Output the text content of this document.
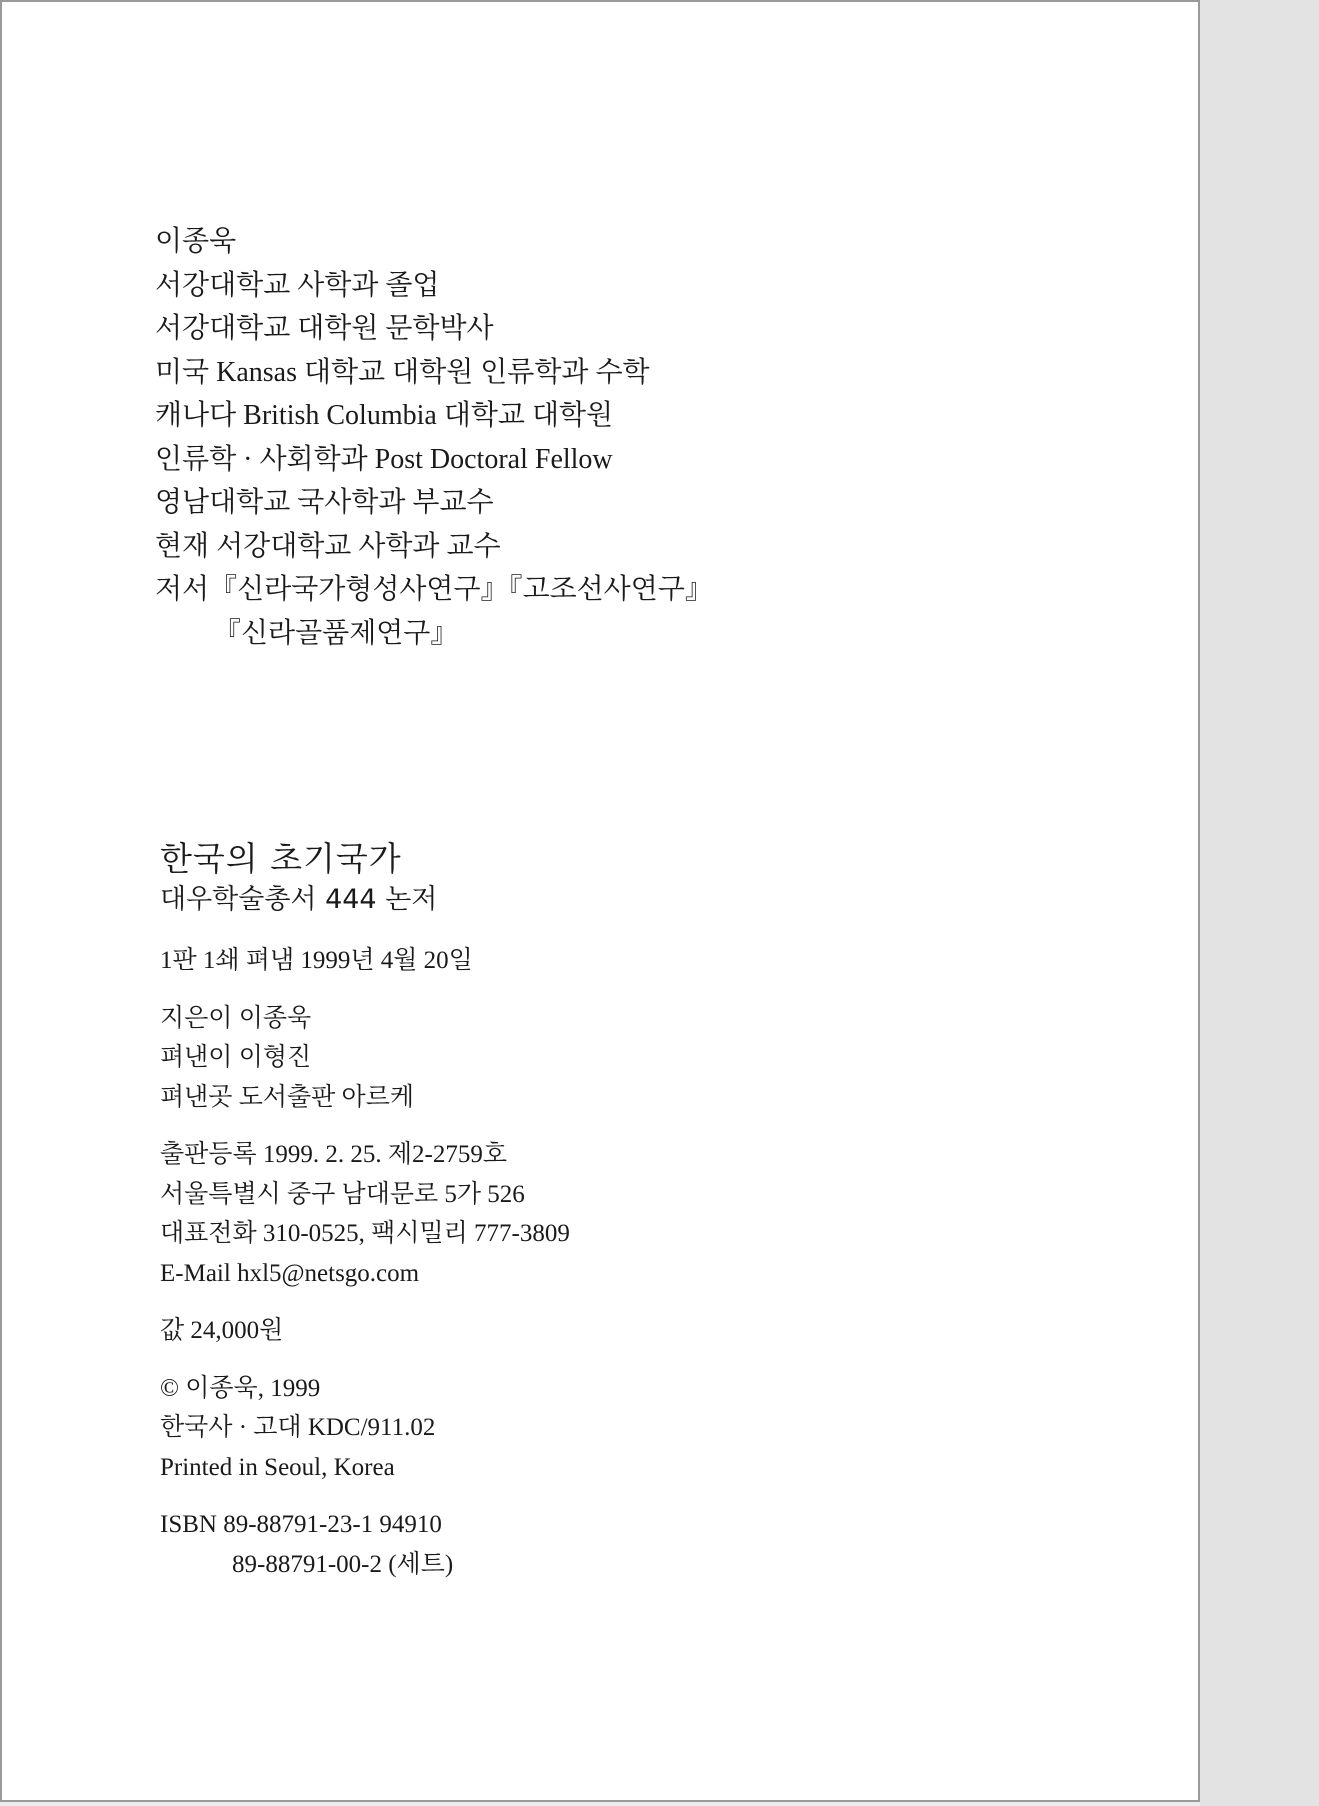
이종욱
서강대학교 사학과 졸업
서강대학교 대학원 문학박사
미국 Kansas 대학교 대학원 인류학과 수학
캐나다 British Columbia 대학교 대학원
인류학 · 사회학과 Post Doctoral Fellow
영남대학교 국사학과 부교수
현재 서강대학교 사학과 교수
저서『신라국가형성사연구』『고조선사연구』
『신라골품제연구』
한국의 초기국가
대우학술총서 444 논저
1판 1쇄 펴냄 1999년 4월 20일
지은이 이종욱
펴낸이 이형진
펴낸곳 도서출판 아르케
출판등록 1999. 2. 25. 제2-2759호
서울특별시 중구 남대문로 5가 526
대표전화 310-0525, 팩시밀리 777-3809
E-Mail hxl5@netsgo.com
값 24,000원
© 이종욱, 1999
한국사 · 고대 KDC/911.02
Printed in Seoul, Korea
ISBN 89-88791-23-1 94910
89-88791-00-2 (세트)
